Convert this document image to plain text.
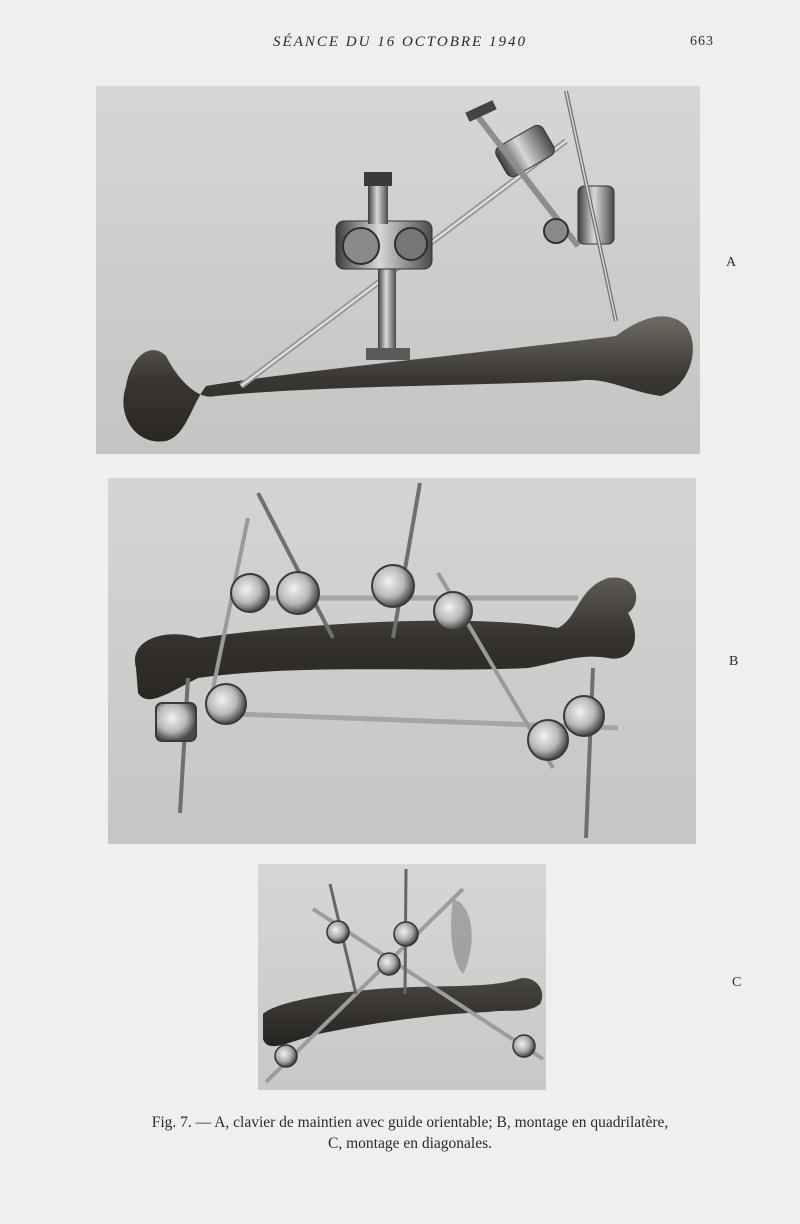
SÉANCE DU 16 OCTOBRE 1940	663
A
B
C
Fig. 7. — A, clavier de maintien avec guide orientable; B, montage en quadrilatère,
C, montage en diagonales.
